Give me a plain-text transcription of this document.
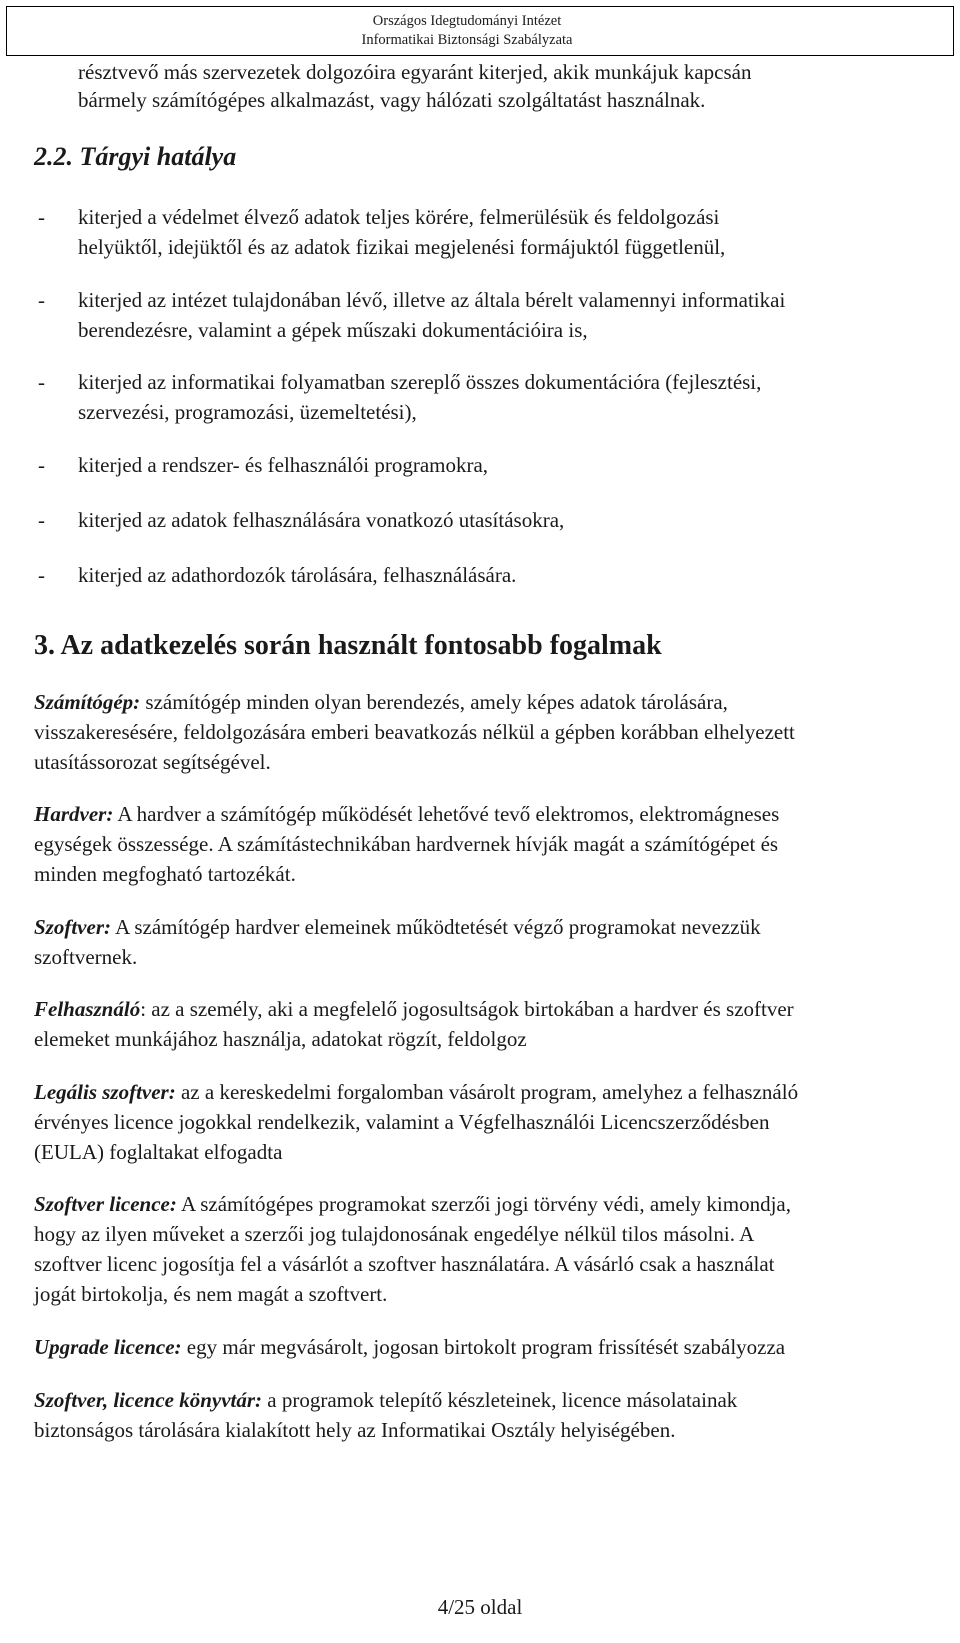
Országos Idegtudományi Intézet
Informatikai Biztonsági Szabályzata
résztvevő más szervezetek dolgozóira egyaránt kiterjed, akik munkájuk kapcsán
bármely számítógépes alkalmazást, vagy hálózati szolgáltatást használnak.
2.2. Tárgyi hatálya
- kiterjed a védelmet élvező adatok teljes körére, felmerülésük és feldolgozási
helyüktől, idejüktől és az adatok fizikai megjelenési formájuktól függetlenül,
- kiterjed az intézet tulajdonában lévő, illetve az általa bérelt valamennyi informatikai
berendezésre, valamint a gépek műszaki dokumentációira is,
- kiterjed az informatikai folyamatban szereplő összes dokumentációra (fejlesztési,
szervezési, programozási, üzemeltetési),
- kiterjed a rendszer- és felhasználói programokra,
- kiterjed az adatok felhasználására vonatkozó utasításokra,
- kiterjed az adathordozók tárolására, felhasználására.
3. Az adatkezelés során használt fontosabb fogalmak
Számítógép: számítógép minden olyan berendezés, amely képes adatok tárolására,
visszakeresésére, feldolgozására emberi beavatkozás nélkül a gépben korábban elhelyezett
utasítássorozat segítségével.
Hardver: A hardver a számítógép működését lehetővé tevő elektromos, elektromágneses
egységek összessége. A számítástechnikában hardvernek hívják magát a számítógépet és
minden megfogható tartozékát.
Szoftver: A számítógép hardver elemeinek működtetését végző programokat nevezzük
szoftvernek.
Felhasználó: az a személy, aki a megfelelő jogosultságok birtokában a hardver és szoftver
elemeket munkájához használja, adatokat rögzít, feldolgoz
Legális szoftver: az a kereskedelmi forgalomban vásárolt program, amelyhez a felhasználó
érvényes licence jogokkal rendelkezik, valamint a Végfelhasználói Licencszerződésben
(EULA) foglaltakat elfogadta
Szoftver licence: A számítógépes programokat szerzői jogi törvény védi, amely kimondja,
hogy az ilyen műveket a szerzői jog tulajdonosának engedélye nélkül tilos másolni. A
szoftver licenc jogosítja fel a vásárlót a szoftver használatára. A vásárló csak a használat
jogát birtokolja, és nem magát a szoftvert.
Upgrade licence: egy már megvásárolt, jogosan birtokolt program frissítését szabályozza
Szoftver, licence könyvtár: a programok telepítő készleteinek, licence másolatainak
biztonságos tárolására kialakított hely az Informatikai Osztály helyiségében.
4/25 oldal
